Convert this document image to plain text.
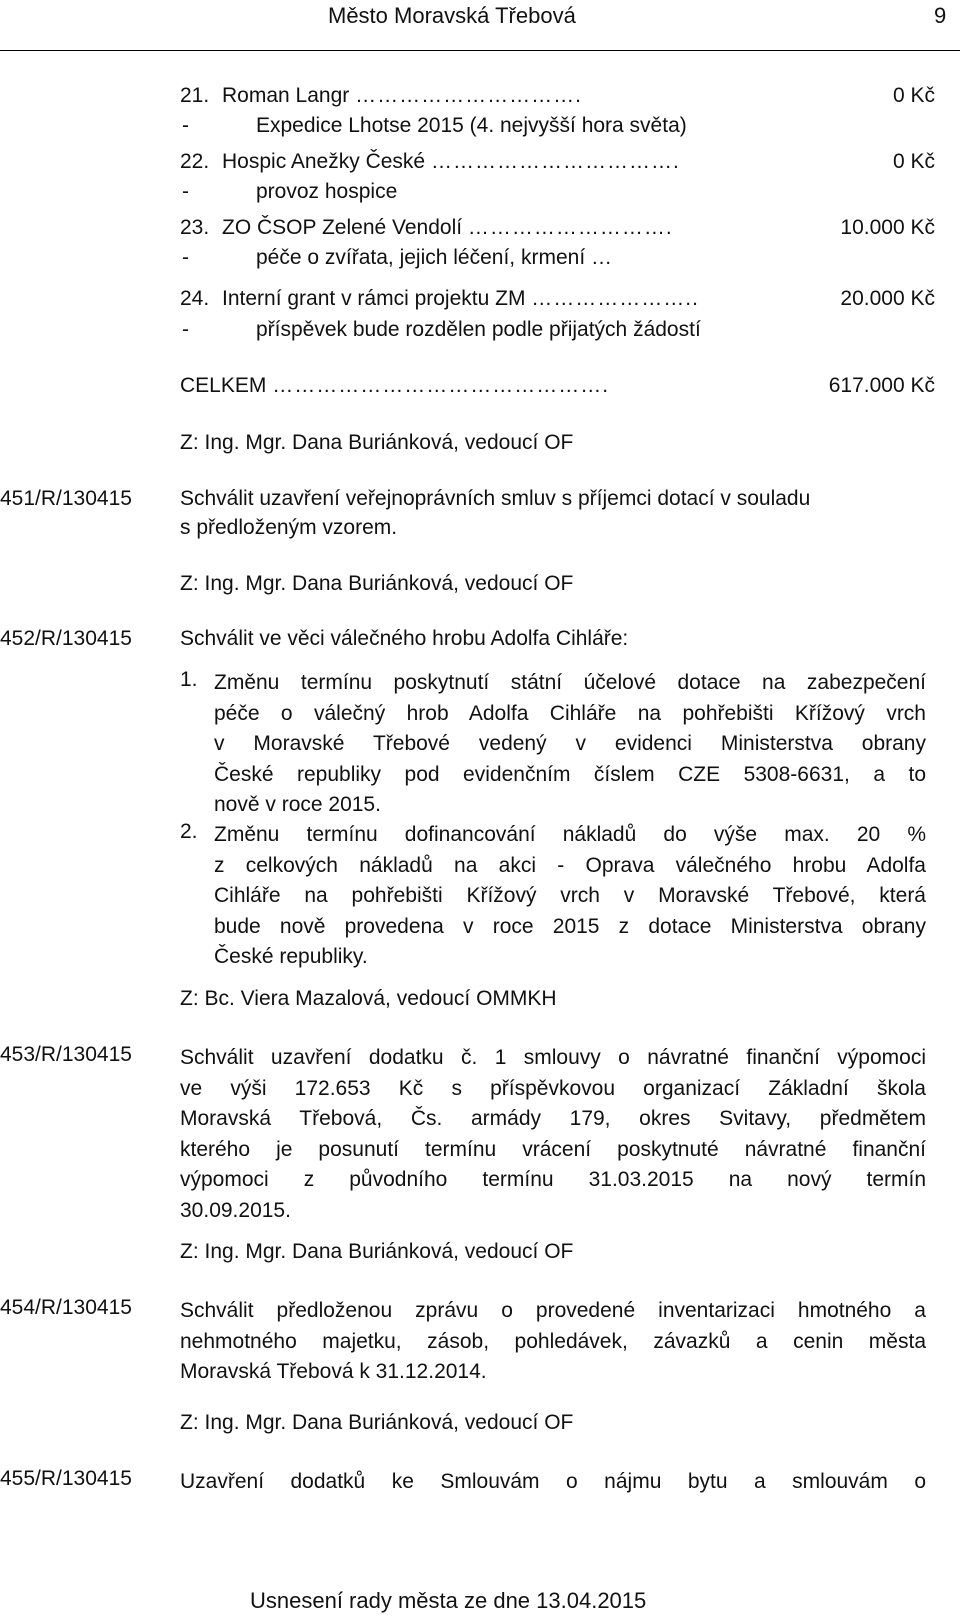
Město Moravská Třebová	9
21. Roman Langr ………………………….	0 Kč
-	Expedice Lhotse 2015 (4. nejvyšší hora světa)
22. Hospic Anežky České …………………………….	0 Kč
-	provoz hospice
23. ZO ČSOP Zelené Vendolí ……………………….	10.000 Kč
-	péče o zvířata, jejich léčení, krmení …
24. Interní grant v rámci projektu ZM …………………..	20.000 Kč
-	příspěvek bude rozdělen podle přijatých žádostí
CELKEM ……………………………………….	617.000 Kč
Z: Ing. Mgr. Dana Buriánková, vedoucí OF
451/R/130415 Schválit uzavření veřejnoprávních smluv s příjemci dotací v souladu
s předloženým vzorem.
Z: Ing. Mgr. Dana Buriánková, vedoucí OF
452/R/130415 Schválit ve věci válečného hrobu Adolfa Cihláře:
1. Změnu termínu poskytnutí státní účelové dotace na zabezpečení
péče o válečný hrob Adolfa Cihláře na pohřebišti Křížový vrch
v Moravské Třebové vedený v evidenci Ministerstva obrany
České republiky pod evidenčním číslem CZE 5308-6631, a to
nově v roce 2015.
2. Změnu termínu dofinancování nákladů do výše max. 20 %
z celkových nákladů na akci - Oprava válečného hrobu Adolfa
Cihláře na pohřebišti Křížový vrch v Moravské Třebové, která
bude nově provedena v roce 2015 z dotace Ministerstva obrany
České republiky.
Z: Bc. Viera Mazalová, vedoucí OMMKH
453/R/130415 Schválit uzavření dodatku č. 1 smlouvy o návratné finanční výpomoci
ve výši 172.653 Kč s příspěvkovou organizací Základní škola
Moravská Třebová, Čs. armády 179, okres Svitavy, předmětem
kterého je posunutí termínu vrácení poskytnuté návratné finanční
výpomoci z původního termínu 31.03.2015 na nový termín
30.09.2015.
Z: Ing. Mgr. Dana Buriánková, vedoucí OF
454/R/130415 Schválit předloženou zprávu o provedené inventarizaci hmotného a
nehmotného majetku, zásob, pohledávek, závazků a cenin města
Moravská Třebová k 31.12.2014.
Z: Ing. Mgr. Dana Buriánková, vedoucí OF
455/R/130415 Uzavření dodatků ke Smlouvám o nájmu bytu a smlouvám o
Usnesení rady města ze dne 13.04.2015
